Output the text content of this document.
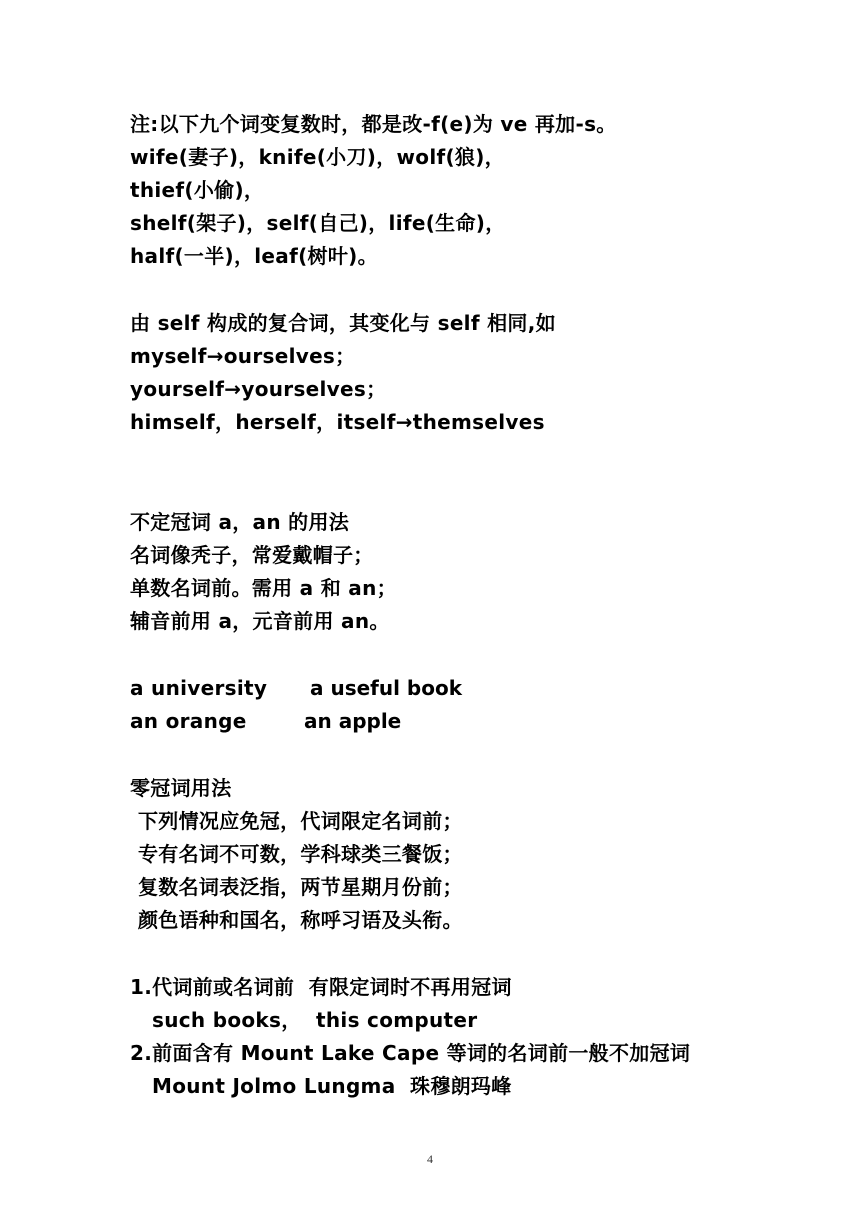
注:以下九个词变复数时，都是改-f(e)为 ve 再加-s。
wife(妻子)，knife(小刀)，wolf(狼)，
thief(小偷)，
shelf(架子)，self(自己)，life(生命)，
half(一半)，leaf(树叶)。
由 self 构成的复合词，其变化与 self 相同,如
myself→ourselves；
yourself→yourselves；
himself，herself，itself→themselves
不定冠词 a，an 的用法
名词像秃子，常爱戴帽子；
单数名词前。需用 a 和 an；
辅音前用 a，元音前用 an。
a university a useful book
an orange	an apple
零冠词用法
下列情况应免冠，代词限定名词前；
专有名词不可数，学科球类三餐饭；
复数名词表泛指，两节星期月份前；
颜色语种和国名，称呼习语及头衔。
1.代词前或名词前  有限定词时不再用冠词
such books，  this computer
2.前面含有 Mount Lake Cape 等词的名词前一般不加冠词
Mount Jolmo Lungma  珠穆朗玛峰
4
